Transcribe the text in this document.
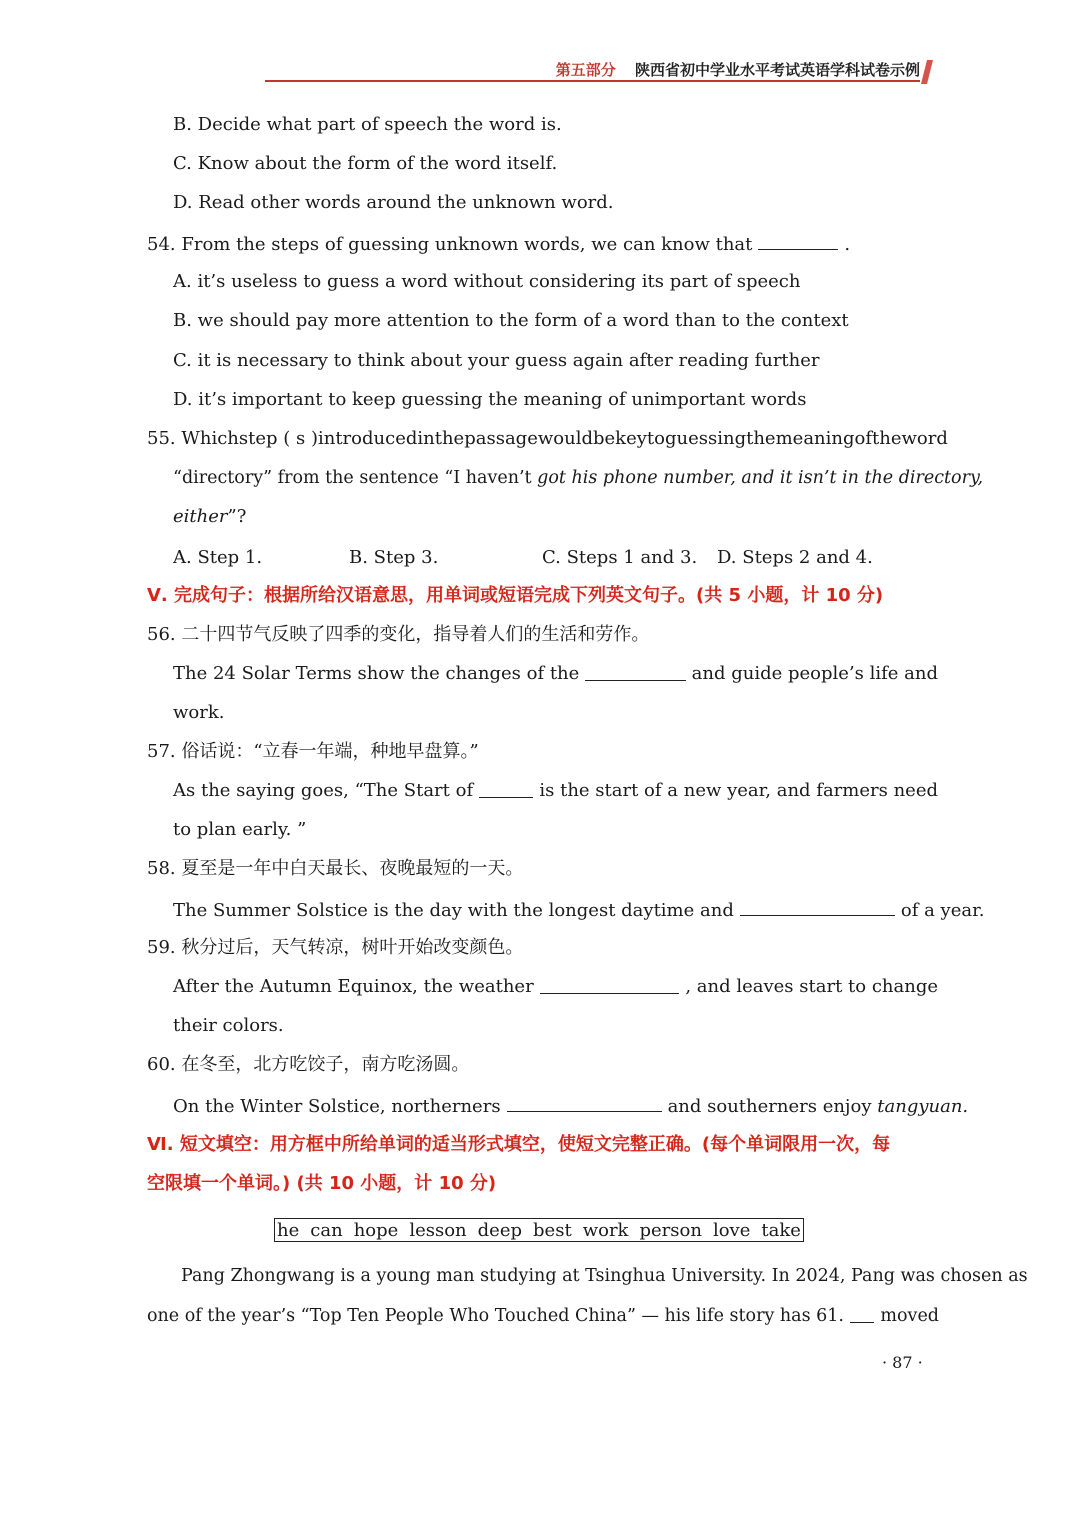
第五部分 陕西省初中学业水平考试英语学科试卷示例
B. Decide what part of speech the word is.
C. Know about the form of the word itself.
D. Read other words around the unknown word.
54. From the steps of guessing unknown words, we can know that	.
A. it’s useless to guess a word without considering its part of speech
B. we should pay more attention to the form of a word than to the context
C. it is necessary to think about your guess again after reading further
D. it’s important to keep guessing the meaning of unimportant words
55. Which step ( s ) introduced in the passage would be key to guessing the meaning of the word
“directory” from the sentence “I haven’t got his phone number, and it isn’t in the directory,
either”?
A. Step 1.	B. Step 3.	C. Steps 1 and 3. D. Steps 2 and 4.
Ⅴ. 完成句子：根据所给汉语意思，用单词或短语完成下列英文句子。(共 5 小题，计 10 分)
56. 二十四节气反映了四季的变化，指导着人们的生活和劳作。
The 24 Solar Terms show the changes of the	and guide people’s life and
work.
57. 俗话说：“立春一年端，种地早盘算。”
As the saying goes, “The Start of	is the start of a new year, and farmers need
to plan early. ”
58. 夏至是一年中白天最长、夜晚最短的一天。
The Summer Solstice is the day with the longest daytime and	of a year.
59. 秋分过后，天气转凉，树叶开始改变颜色。
After the Autumn Equinox, the weather	, and leaves start to change
their colors.
60. 在冬至，北方吃饺子，南方吃汤圆。
On the Winter Solstice, northerners	and southerners enjoy tangyuan.
Ⅵ. 短文填空：用方框中所给单词的适当形式填空，使短文完整正确。(每个单词限用一次，每
空限填一个单词。) (共 10 小题，计 10 分)
he can hope lesson deep best work person love take
Pang Zhongwang is a young man studying at Tsinghua University. In 2024, Pang was chosen as
one of the year’s “Top Ten People Who Touched China” — his life story has 61. moved
· 87 ·
